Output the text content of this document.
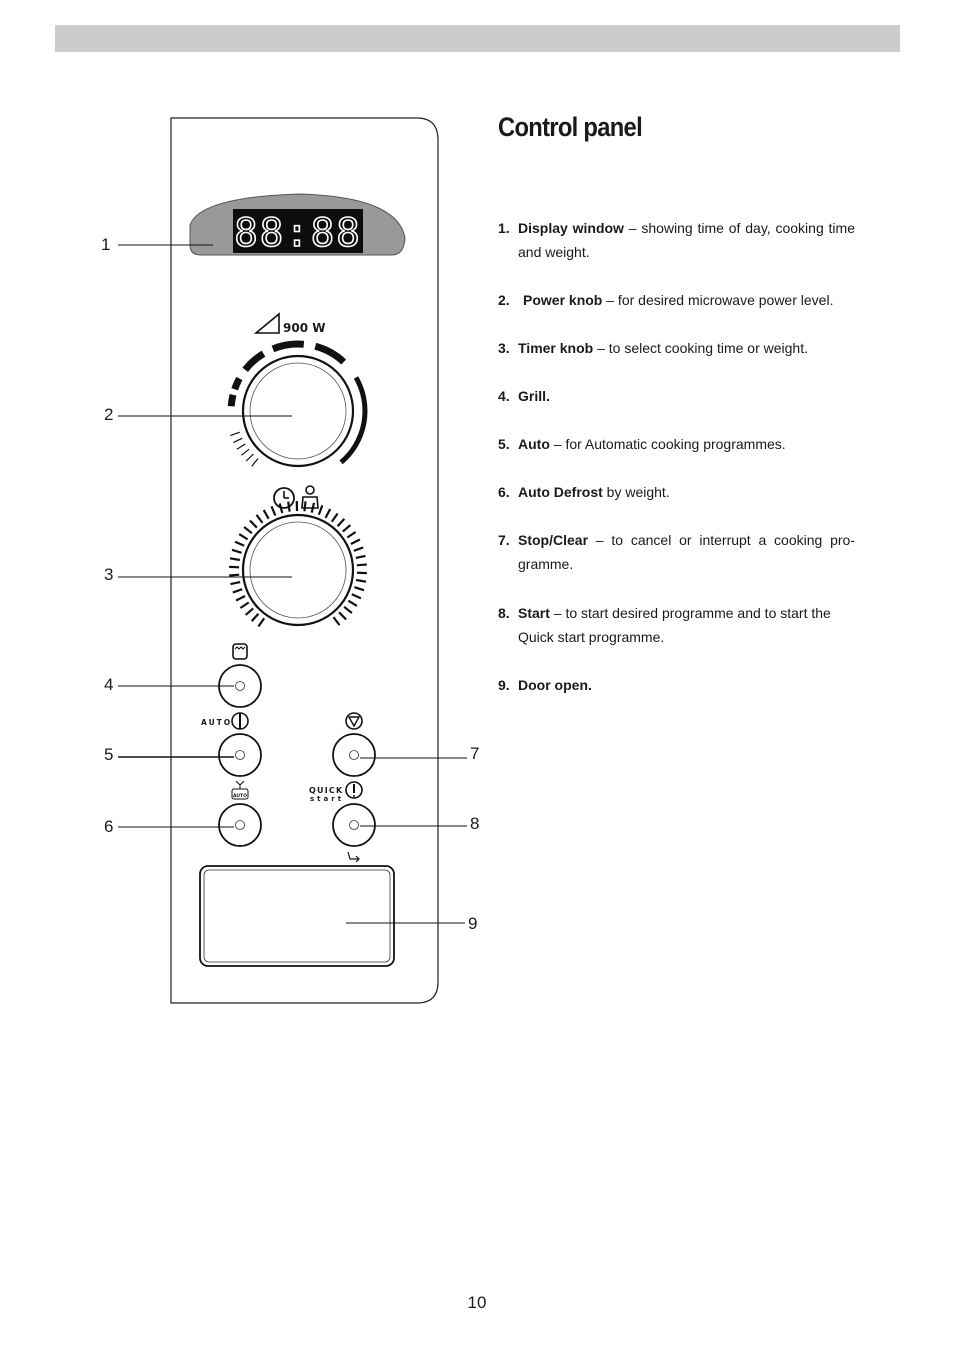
88:88
900 W
AUTO
AUTO
QUICK
start
1
2
3
4
5
6
7
8
9
Control panel
1. Display window – showing time of day, cooking time and weight.
2. Power knob – for desired microwave power level.
3. Timer knob – to select cooking time or weight.
4. Grill.
5. Auto – for Automatic cooking programmes.
6. Auto Defrost by weight.
7. Stop/Clear – to cancel or interrupt a cooking pro-gramme.
8. Start – to start desired programme and to start the Quick start programme.
9. Door open.
10
